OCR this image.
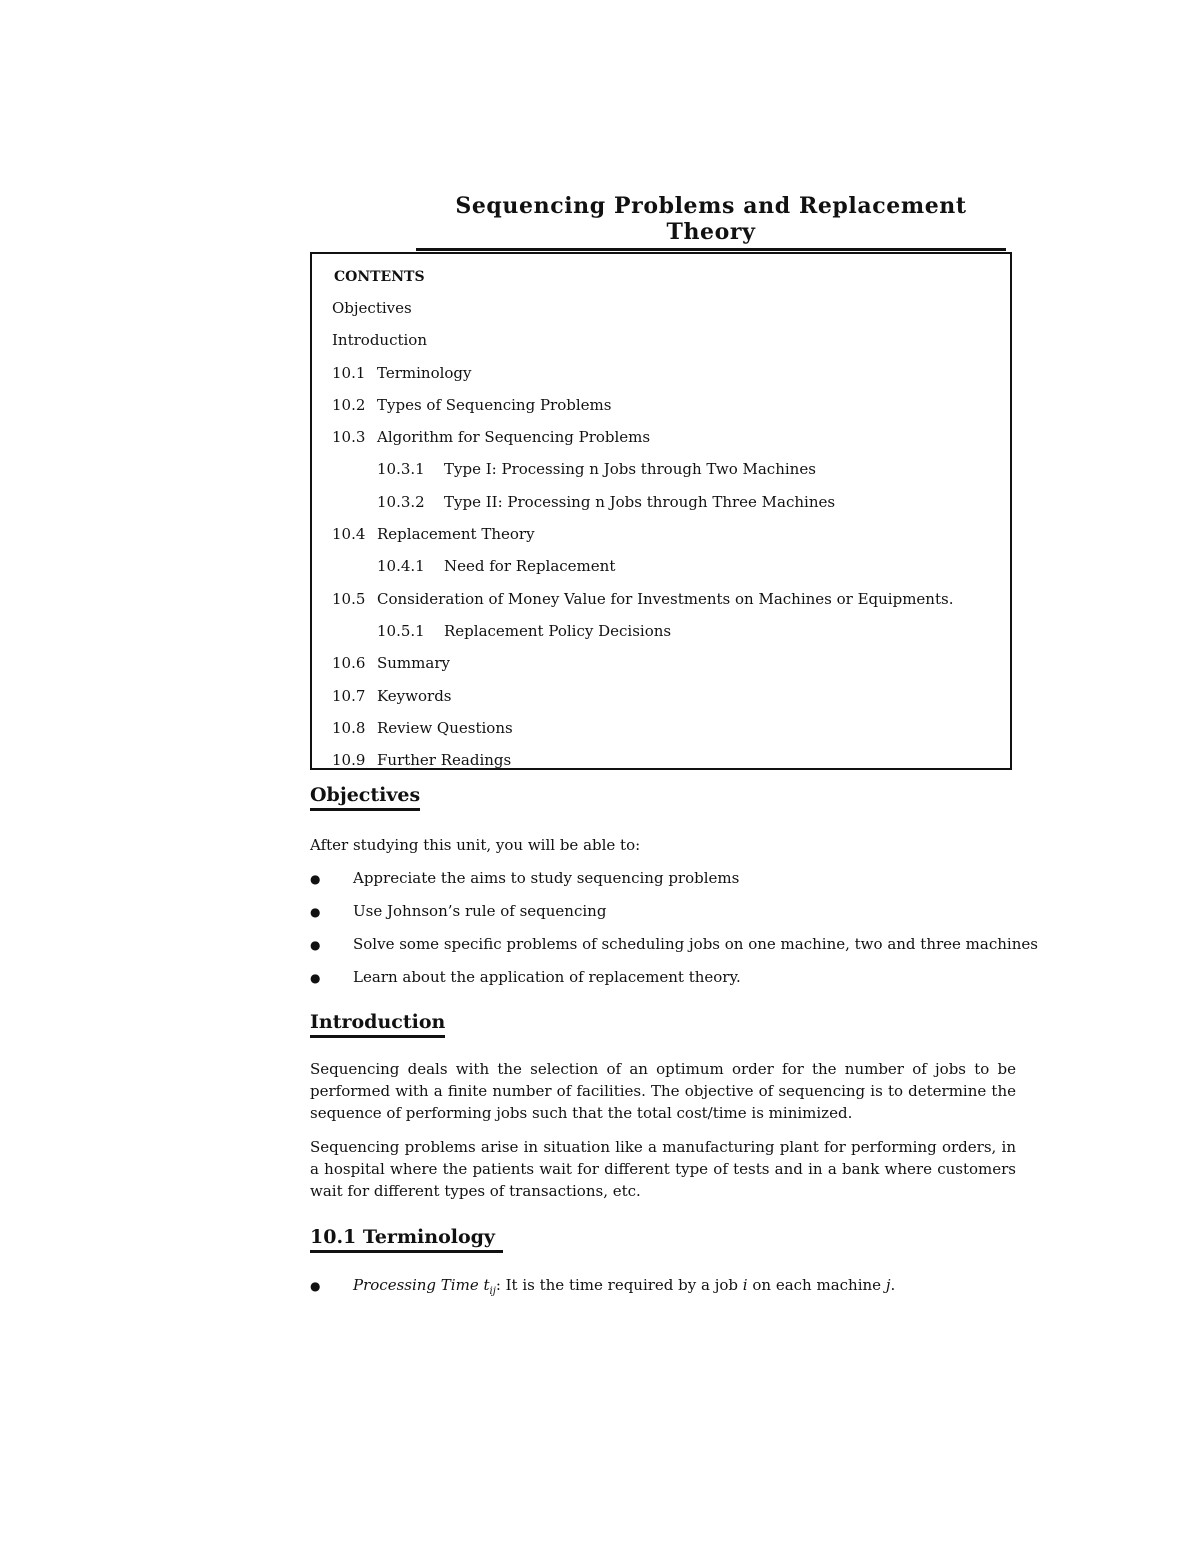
Sequencing Problems and Replacement Theory
CONTENTS
Objectives
Introduction
10.1 Terminology
10.2 Types of Sequencing Problems
10.3 Algorithm for Sequencing Problems
10.3.1 Type I: Processing n Jobs through Two Machines
10.3.2 Type II: Processing n Jobs through Three Machines
10.4 Replacement Theory
10.4.1 Need for Replacement
10.5 Consideration of Money Value for Investments on Machines or Equipments.
10.5.1 Replacement Policy Decisions
10.6 Summary
10.7 Keywords
10.8 Review Questions
10.9 Further Readings
Objectives

After studying this unit, you will be able to:

● Appreciate the aims to study sequencing problems
● Use Johnson’s rule of sequencing
● Solve some specific problems of scheduling jobs on one machine, two and three machines
● Learn about the application of replacement theory.
Introduction

Sequencing deals with the selection of an optimum order for the number of jobs to be performed with a finite number of facilities. The objective of sequencing is to determine the sequence of performing jobs such that the total cost/time is minimized.

Sequencing problems arise in situation like a manufacturing plant for performing orders, in a hospital where the patients wait for different type of tests and in a bank where customers wait for different types of transactions, etc.

10.1 Terminology
● Processing Time $t_{ij}$: It is the time required by a job i on each machine j.
